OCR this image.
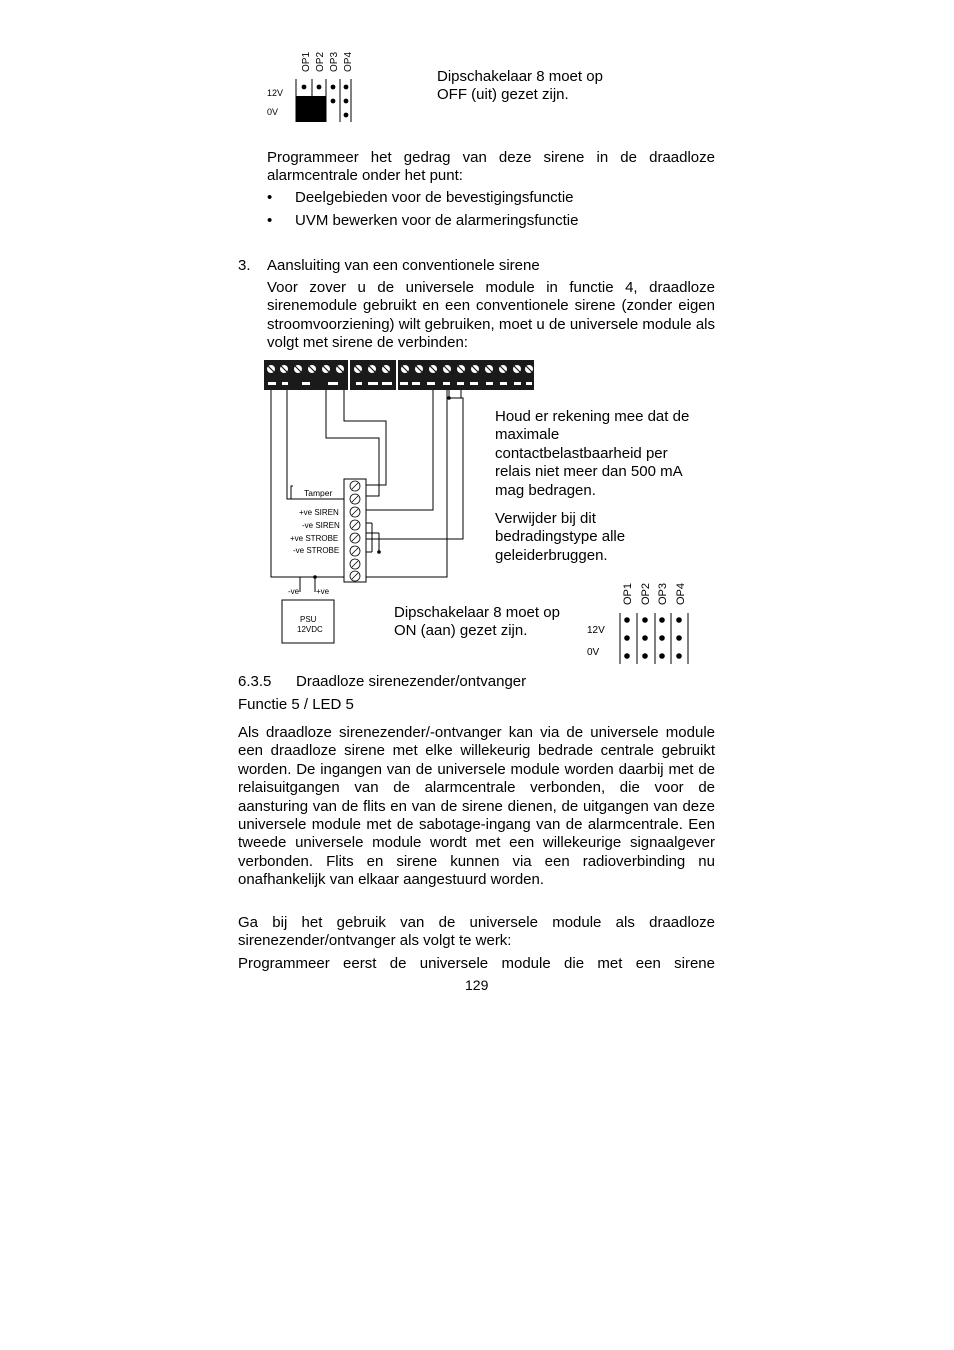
OP1 OP2 OP3 OP4
12V
0V
Dipschakelaar 8 moet op OFF (uit) gezet zijn.
Programmeer het gedrag van deze sirene in de draadloze alarmcentrale onder het punt:
• Deelgebieden voor de bevestigingsfunctie
• UVM bewerken voor de alarmeringsfunctie
3. Aansluiting van een conventionele sirene
Voor zover u de universele module in functie 4, draadloze sirenemodule gebruikt en een conventionele sirene (zonder eigen stroomvoorziening) wilt gebruiken, moet u de universele module als volgt met sirene de verbinden:
Tamper
+ve SIREN
-ve SIREN
+ve STROBE
-ve STROBE
-ve +ve
PSU
12VDC
Houd er rekening mee dat de maximale contactbelastbaarheid per relais niet meer dan 500 mA mag bedragen.
Verwijder bij dit bedradingstype alle geleiderbruggen.
Dipschakelaar 8 moet op ON (aan) gezet zijn.
OP1 OP2 OP3 OP4
12V
0V
6.3.5 Draadloze sirenezender/ontvanger
Functie 5 / LED 5
Als draadloze sirenezender/-ontvanger kan via de universele module een draadloze sirene met elke willekeurig bedrade centrale gebruikt worden. De ingangen van de universele module worden daarbij met de relaisuitgangen van de alarmcentrale verbonden, die voor de aansturing van de flits en van de sirene dienen, de uitgangen van deze universele module met de sabotage-ingang van de alarmcentrale. Een tweede universele module wordt met een willekeurige signaalgever verbonden. Flits en sirene kunnen via een radioverbinding nu onafhankelijk van elkaar aangestuurd worden.
Ga bij het gebruik van de universele module als draadloze sirenezender/ontvanger als volgt te werk:
Programmeer eerst de universele module die met een sirene
129
